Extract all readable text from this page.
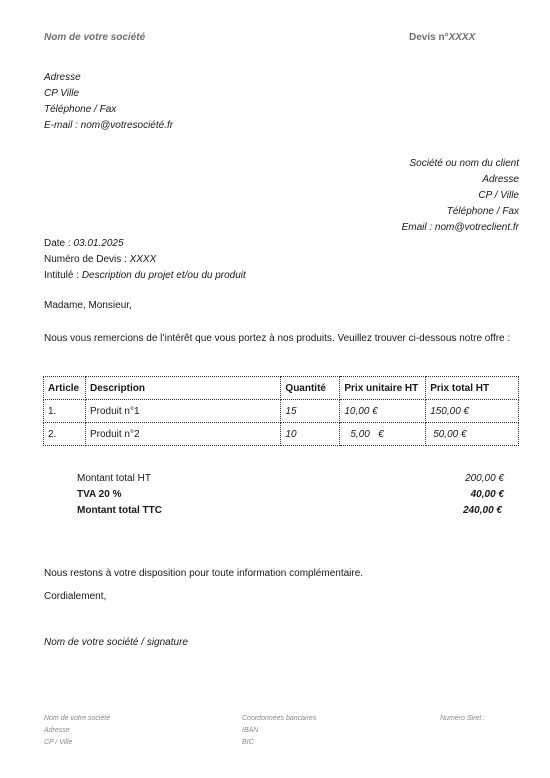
Nom de votre société	Devis n°XXXX
Adresse
CP Ville
Téléphone / Fax
E-mail : nom@votresociété.fr
Société ou nom du client
Adresse
CP / Ville
Téléphone / Fax
Email : nom@votreclient.fr
Date : 03.01.2025
Numéro de Devis : XXXX
Intitulé : Description du projet et/ou du produit
Madame, Monsieur,
Nous vous remercions de l’intérêt que vous portez à nos produits. Veuillez trouver ci-dessous notre offre :
Article	Description	Quantité	Prix unitaire HT	Prix total HT
1.	Produit n°1	15	10,00 €	150,00 €
2.	Produit n°2	10	5,00   €	50,00 €
Montant total HT	200,00 €
TVA 20 %	40,00 €
Montant total TTC	240,00 €
Nous restons à votre disposition pour toute information complémentaire.
Cordialement,
Nom de votre société / signature
Nom de votre société
Adresse
CP / Ville
Coordonnées bancaires
IBAN
BIC
Numéro Siret :
